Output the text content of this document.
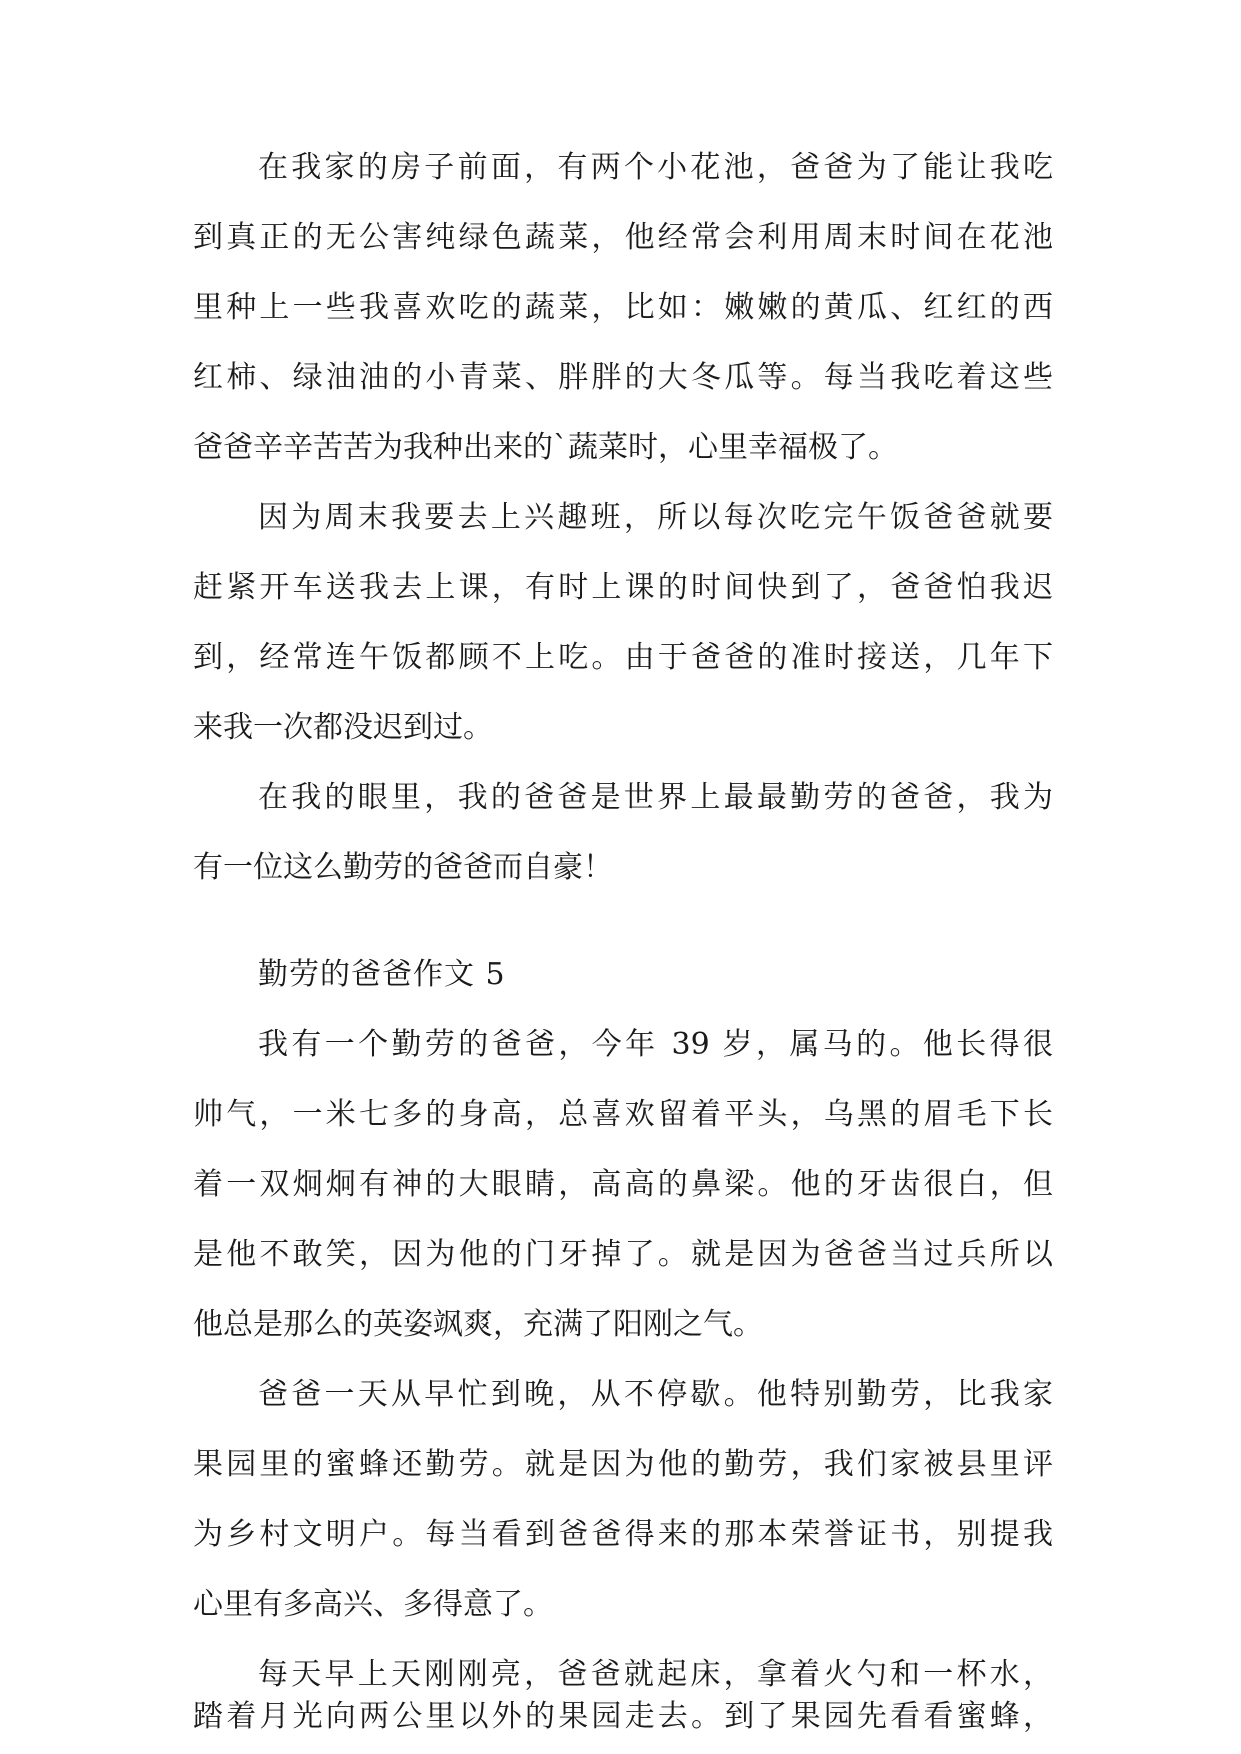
在我家的房子前面，有两个小花池，爸爸为了能让我吃
到真正的无公害纯绿色蔬菜，他经常会利用周末时间在花池
里种上一些我喜欢吃的蔬菜，比如：嫩嫩的黄瓜、红红的西
红柿、绿油油的小青菜、胖胖的大冬瓜等。每当我吃着这些
爸爸辛辛苦苦为我种出来的`蔬菜时，心里幸福极了。
因为周末我要去上兴趣班，所以每次吃完午饭爸爸就要
赶紧开车送我去上课，有时上课的时间快到了，爸爸怕我迟
到，经常连午饭都顾不上吃。由于爸爸的准时接送，几年下
来我一次都没迟到过。
在我的眼里，我的爸爸是世界上最最勤劳的爸爸，我为
有一位这么勤劳的爸爸而自豪！
勤劳的爸爸作文 5
我有一个勤劳的爸爸，今年 39 岁，属马的。他长得很
帅气，一米七多的身高，总喜欢留着平头，乌黑的眉毛下长
着一双炯炯有神的大眼睛，高高的鼻梁。他的牙齿很白，但
是他不敢笑，因为他的门牙掉了。就是因为爸爸当过兵所以
他总是那么的英姿飒爽，充满了阳刚之气。
爸爸一天从早忙到晚，从不停歇。他特别勤劳，比我家
果园里的蜜蜂还勤劳。就是因为他的勤劳，我们家被县里评
为乡村文明户。每当看到爸爸得来的那本荣誉证书，别提我
心里有多高兴、多得意了。
每天早上天刚刚亮，爸爸就起床，拿着火勺和一杯水，
踏着月光向两公里以外的果园走去。到了果园先看看蜜蜂，
